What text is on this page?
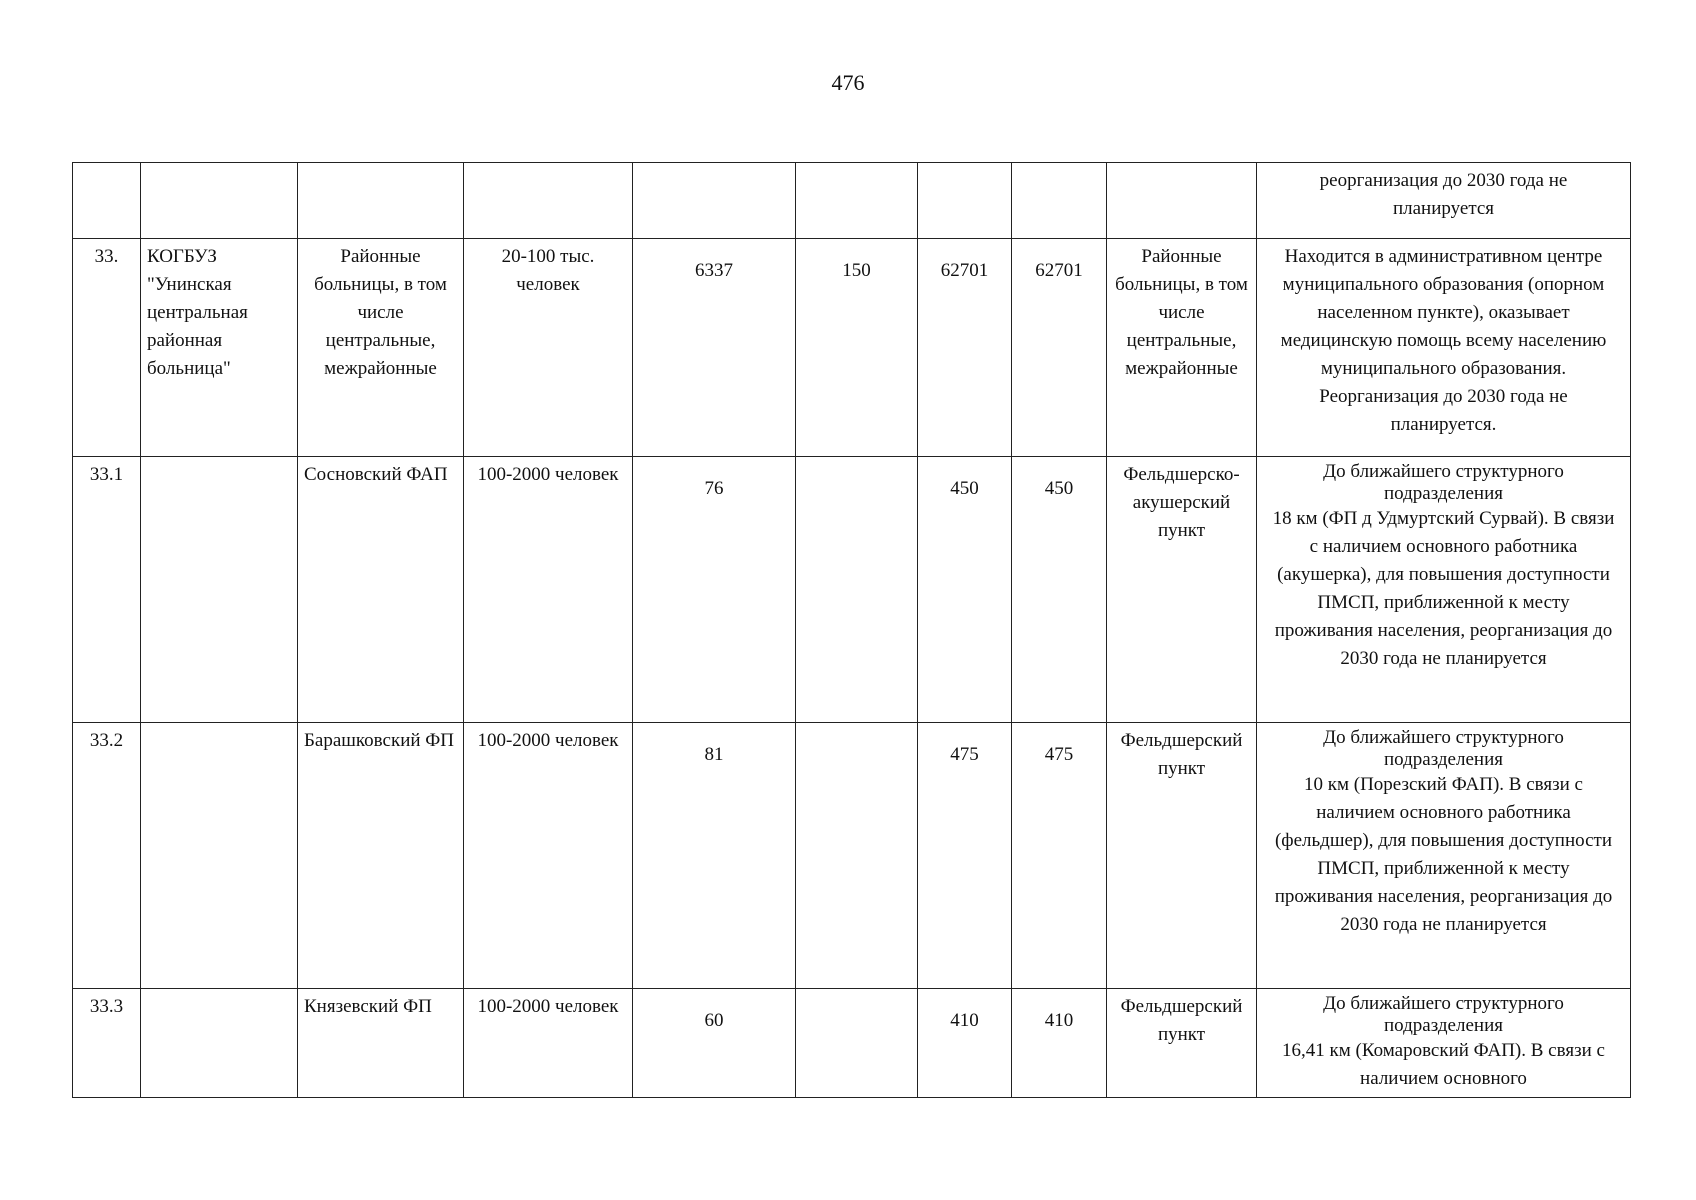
476
									реорганизация до 2030 года не планируется
33.	КОГБУЗ "Унинская центральная районная больница"	Районные больницы, в том числе центральные, межрайонные	20-100 тыс. человек	6337	150	62701	62701	Районные больницы, в том числе центральные, межрайонные	Находится в административном центре муниципального образования (опорном населенном пункте), оказывает медицинскую помощь всему населению муниципального образования. Реорганизация до 2030 года не планируется.
33.1		Сосновский ФАП	100-2000 человек	76		450	450	Фельдшерско-акушерский пункт	До ближайшего структурного подразделения
18 км (ФП д Удмуртский Сурвай). В связи с наличием основного работника (акушерка), для повышения доступности ПМСП, приближенной к месту проживания населения, реорганизация до 2030 года не планируется
33.2		Барашковский ФП	100-2000 человек	81		475	475	Фельдшерский пункт	До ближайшего структурного подразделения
10 км (Порезский ФАП). В связи с наличием основного работника (фельдшер), для повышения доступности ПМСП, приближенной к месту проживания населения, реорганизация до 2030 года не планируется
33.3		Князевский ФП	100-2000 человек	60		410	410	Фельдшерский пункт	До ближайшего структурного подразделения
16,41 км (Комаровский ФАП). В связи с наличием основного
